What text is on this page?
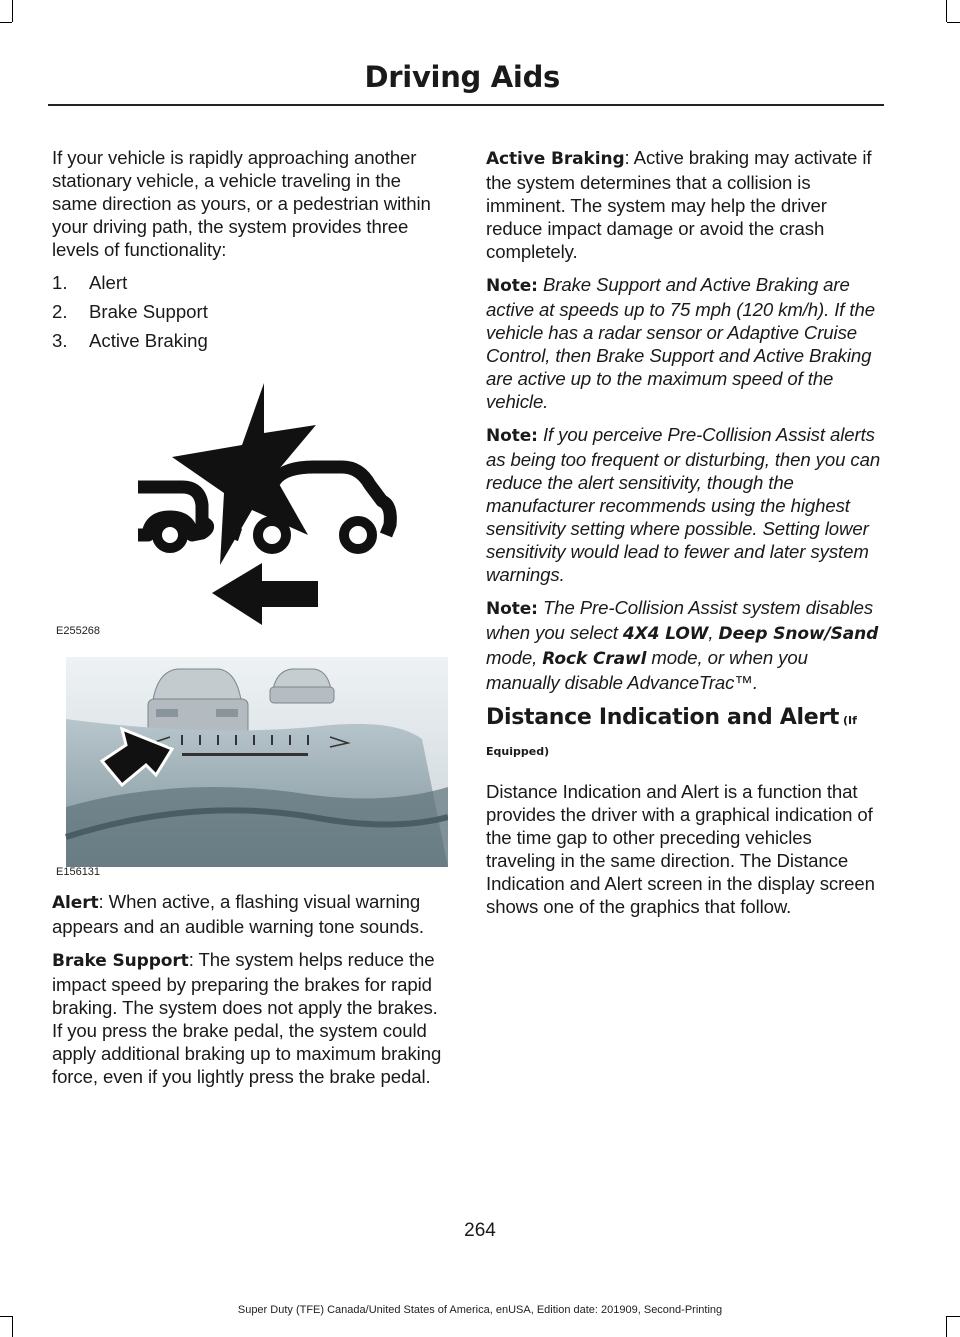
Driving Aids

If your vehicle is rapidly approaching another stationary vehicle, a vehicle traveling in the same direction as yours, or a pedestrian within your driving path, the system provides three levels of functionality:

1.	Alert
2.	Brake Support
3.	Active Braking
E255268
E156131

Alert: When active, a flashing visual warning appears and an audible warning tone sounds.

Brake Support: The system helps reduce the impact speed by preparing the brakes for rapid braking. The system does not apply the brakes. If you press the brake pedal, the system could apply additional braking up to maximum braking force, even if you lightly press the brake pedal.

Active Braking: Active braking may activate if the system determines that a collision is imminent. The system may help the driver reduce impact damage or avoid the crash completely.

Note: Brake Support and Active Braking are active at speeds up to 75 mph (120 km/h). If the vehicle has a radar sensor or Adaptive Cruise Control, then Brake Support and Active Braking are active up to the maximum speed of the vehicle.

Note: If you perceive Pre-Collision Assist alerts as being too frequent or disturbing, then you can reduce the alert sensitivity, though the manufacturer recommends using the highest sensitivity setting where possible. Setting lower sensitivity would lead to fewer and later system warnings.

Note: The Pre-Collision Assist system disables when you select 4X4 LOW, Deep Snow/Sand mode, Rock Crawl mode, or when you manually disable AdvanceTrac™.

Distance Indication and Alert (If Equipped)

Distance Indication and Alert is a function that provides the driver with a graphical indication of the time gap to other preceding vehicles traveling in the same direction. The Distance Indication and Alert screen in the display screen shows one of the graphics that follow.

264
Super Duty (TFE) Canada/United States of America, enUSA, Edition date: 201909, Second-Printing
